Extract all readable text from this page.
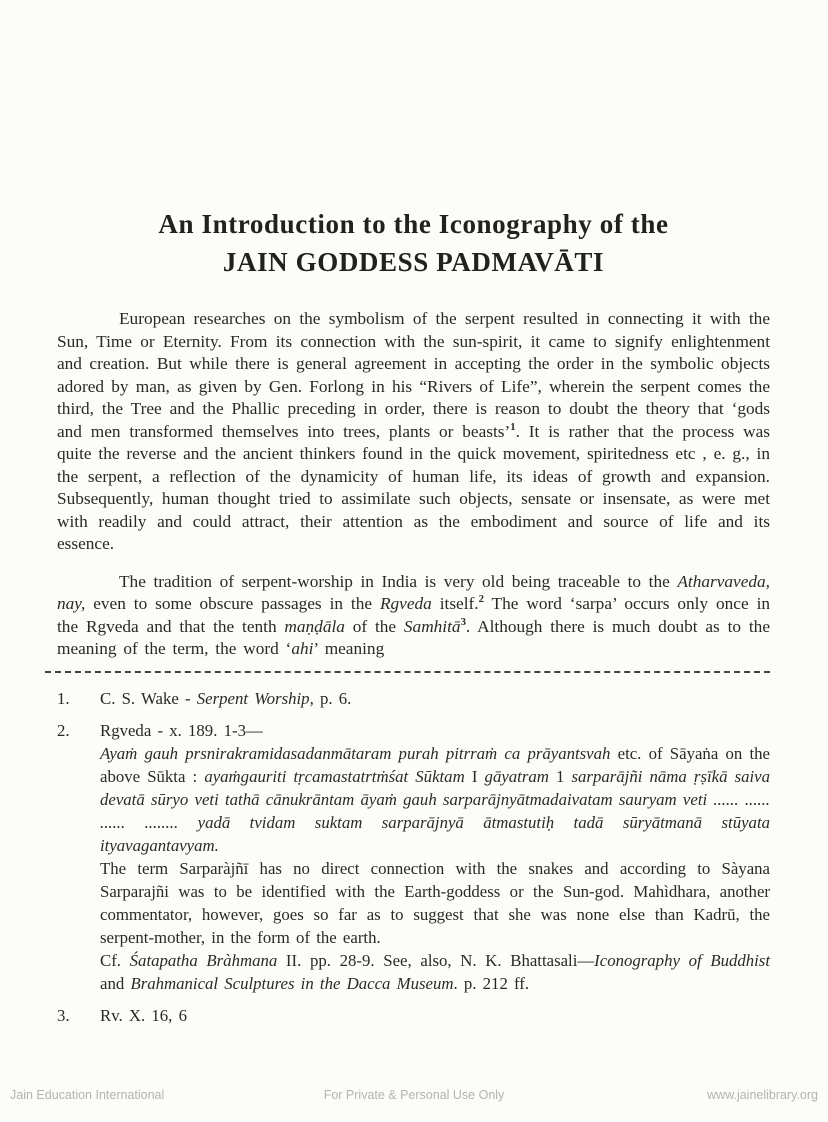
An Introduction to the Iconography of the
JAIN GODDESS PADMAVĀTI

European researches on the symbolism of the serpent resulted in connecting it with the Sun, Time or Eternity. From its connection with the sun-spirit, it came to signify enlightenment and creation. But while there is general agreement in accepting the order in the symbolic objects adored by man, as given by Gen. Forlong in his “Rivers of Life”, wherein the serpent comes the third, the Tree and the Phallic preceding in order, there is reason to doubt the theory that ‘gods and men transformed themselves into trees, plants or beasts’$^1$. It is rather that the process was quite the reverse and the ancient thinkers found in the quick movement, spiritedness etc , e. g., in the serpent, a reflection of the dynamicity of human life, its ideas of growth and expansion. Subsequently, human thought tried to assimilate such objects, sensate or insensate, as were met with readily and could attract, their attention as the embodiment and source of life and its essence.

The tradition of serpent-worship in India is very old being traceable to the Atharvaveda, nay, even to some obscure passages in the Rgveda itself.$^2$ The word ‘sarpa’ occurs only once in the Rgveda and that the tenth maṇḍāla of the Samhitā$^3$. Although there is much doubt as to the meaning of the term, the word ‘ahi’ meaning

1.	C. S. Wake - Serpent Worship, p. 6.
2.	Rgveda - x. 189. 1-3—
Ayaṁ gauh prsnirakramidasadanmātaram purah pitrraṁ ca prāyantsvah etc. of Sāyaṅa on the above Sūkta : ayaṁgauriti tṛcamastatrtṁśat Sūktam I gāyatram 1 sarparājñi nāma ṛṣīkā saiva devatā sūryo veti tathā cānukrāntam āyaṁ gauh sarparājnyātmadaivatam sauryam veti ...... ...... ...... ........ yadā tvidam suktam sarparājnyā ātmastutiḥ tadā sūryātmanā stūyata ityavagantavyam.
The term Sarparàjñī has no direct connection with the snakes and according to Sàyana Sarparajñi was to be identified with the Earth-goddess or the Sun-god. Mahìdhara, another commentator, however, goes so far as to suggest that she was none else than Kadrū, the serpent-mother, in the form of the earth.
Cf. Śatapatha Bràhmana II. pp. 28-9. See, also, N. K. Bhattasali—Iconography of Buddhist and Brahmanical Sculptures in the Dacca Museum. p. 212 ff.
3.	Rv. X. 16, 6
For Private & Personal Use Only
Jain Education International	www.jainelibrary.org
